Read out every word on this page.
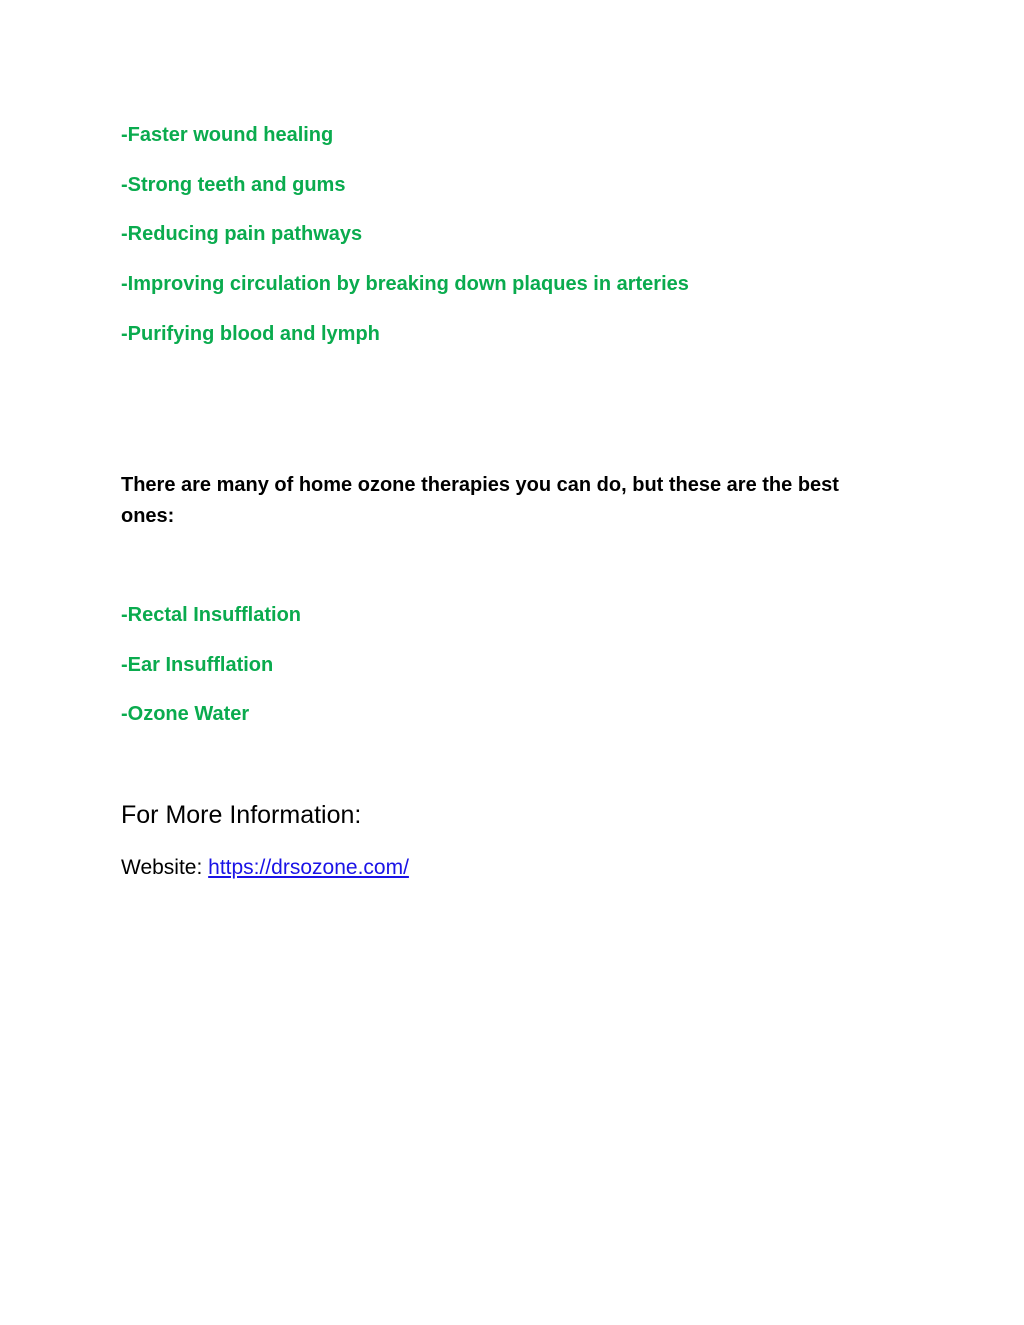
-Faster wound healing

-Strong teeth and gums

-Reducing pain pathways

-Improving circulation by breaking down plaques in arteries

-Purifying blood and lymph

There are many of home ozone therapies you can do, but these are the best ones:

-Rectal Insufflation

-Ear Insufflation

-Ozone Water

For More Information:

Website: https://drsozone.com/
